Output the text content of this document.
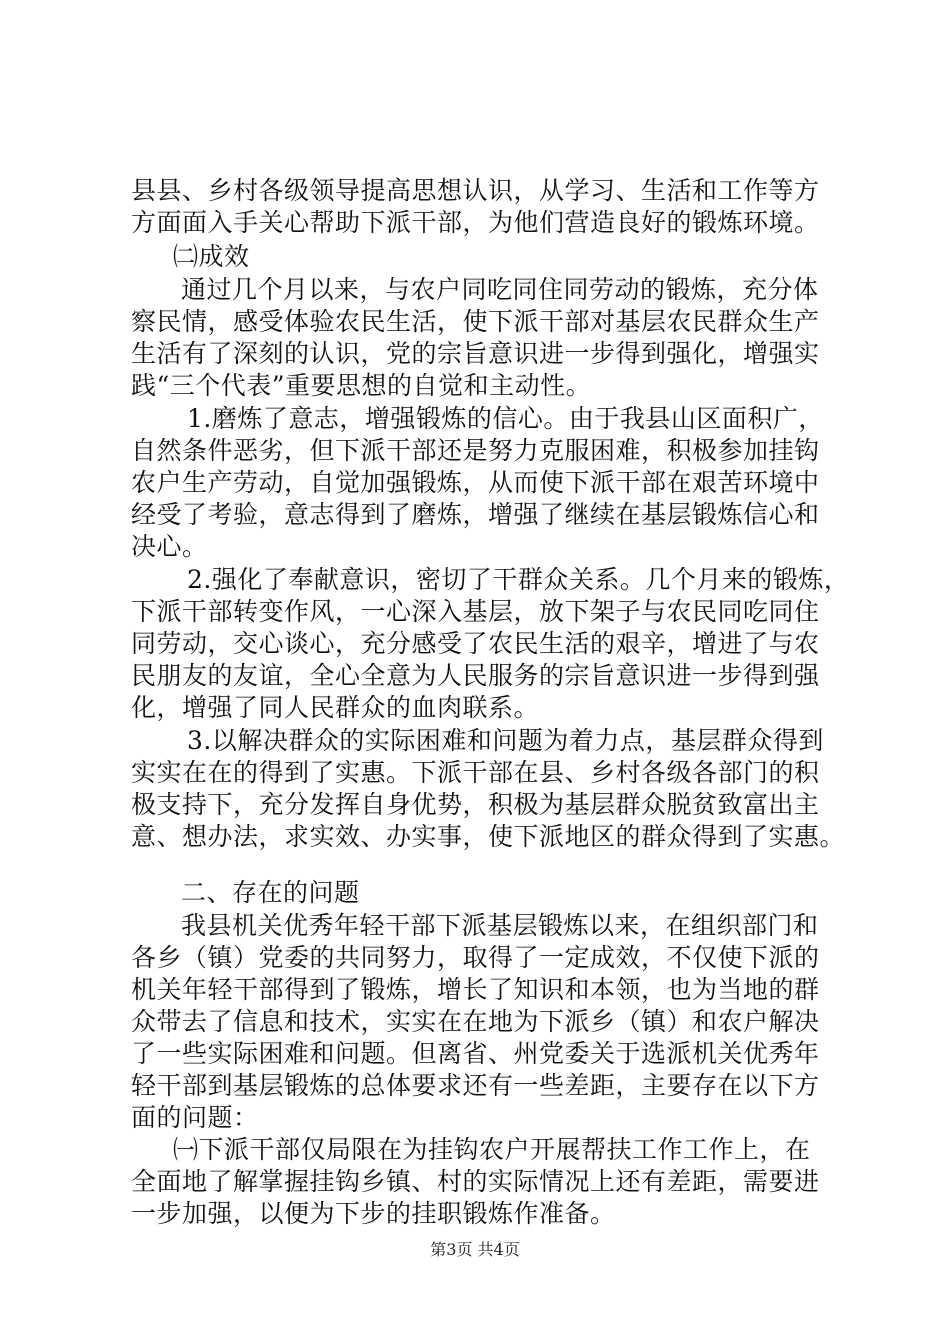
县县、乡村各级领导提高思想认识，从学习、生活和工作等方
方面面入手关心帮助下派干部，为他们营造良好的锻炼环境。
㈡成效
通过几个月以来，与农户同吃同住同劳动的锻炼，充分体
察民情，感受体验农民生活，使下派干部对基层农民群众生产
生活有了深刻的认识，党的宗旨意识进一步得到强化，增强实
践“三个代表”重要思想的自觉和主动性。
1.磨炼了意志，增强锻炼的信心。由于我县山区面积广，
自然条件恶劣，但下派干部还是努力克服困难，积极参加挂钩
农户生产劳动，自觉加强锻炼，从而使下派干部在艰苦环境中
经受了考验，意志得到了磨炼，增强了继续在基层锻炼信心和
决心。
2.强化了奉献意识，密切了干群众关系。几个月来的锻炼，
下派干部转变作风，一心深入基层，放下架子与农民同吃同住
同劳动，交心谈心，充分感受了农民生活的艰辛，增进了与农
民朋友的友谊，全心全意为人民服务的宗旨意识进一步得到强
化，增强了同人民群众的血肉联系。
3.以解决群众的实际困难和问题为着力点，基层群众得到
实实在在的得到了实惠。下派干部在县、乡村各级各部门的积
极支持下，充分发挥自身优势，积极为基层群众脱贫致富出主
意、想办法，求实效、办实事，使下派地区的群众得到了实惠。
二、存在的问题
我县机关优秀年轻干部下派基层锻炼以来，在组织部门和
各乡（镇）党委的共同努力，取得了一定成效，不仅使下派的
机关年轻干部得到了锻炼，增长了知识和本领，也为当地的群
众带去了信息和技术，实实在在地为下派乡（镇）和农户解决
了一些实际困难和问题。但离省、州党委关于选派机关优秀年
轻干部到基层锻炼的总体要求还有一些差距，主要存在以下方
面的问题：
㈠下派干部仅局限在为挂钩农户开展帮扶工作工作上，在
全面地了解掌握挂钩乡镇、村的实际情况上还有差距，需要进
一步加强，以便为下步的挂职锻炼作准备。
第3页 共4页
